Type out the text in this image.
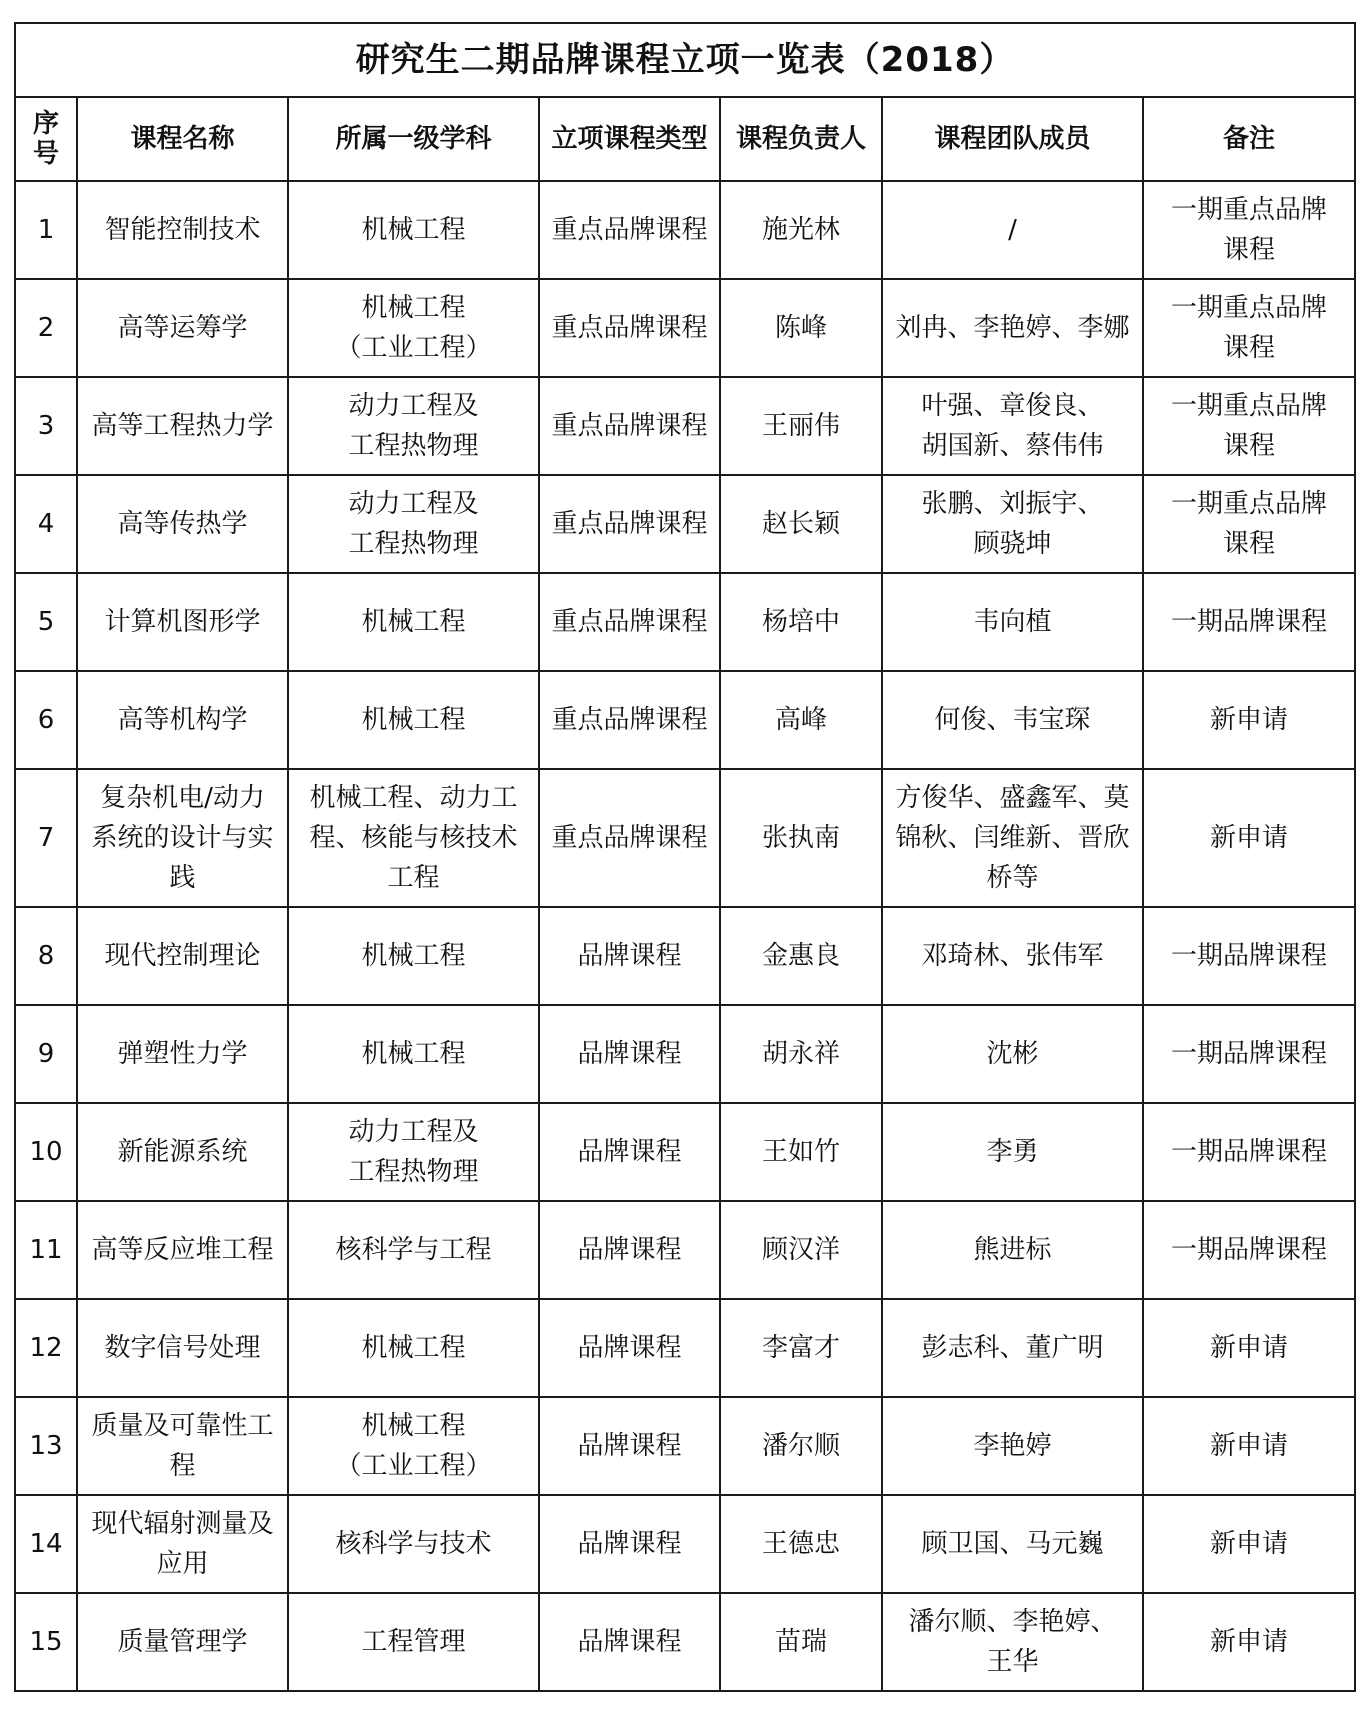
研究生二期品牌课程立项一览表（2018）						
序
号	课程名称	所属一级学科	立项课程类型	课程负责人	课程团队成员	备注
1	智能控制技术	机械工程	重点品牌课程	施光林	/	一期重点品牌
课程
2	高等运筹学	机械工程
（工业工程）	重点品牌课程	陈峰	刘冉、李艳婷、李娜	一期重点品牌
课程
3	高等工程热力学	动力工程及
工程热物理	重点品牌课程	王丽伟	叶强、章俊良、
胡国新、蔡伟伟	一期重点品牌
课程
4	高等传热学	动力工程及
工程热物理	重点品牌课程	赵长颖	张鹏、刘振宇、
顾骁坤	一期重点品牌
课程
5	计算机图形学	机械工程	重点品牌课程	杨培中	韦向植	一期品牌课程
6	高等机构学	机械工程	重点品牌课程	高峰	何俊、韦宝琛	新申请
7	复杂机电/动力
系统的设计与实
践	机械工程、动力工
程、核能与核技术
工程	重点品牌课程	张执南	方俊华、盛鑫军、莫
锦秋、闫维新、晋欣
桥等	新申请
8	现代控制理论	机械工程	品牌课程	金惠良	邓琦林、张伟军	一期品牌课程
9	弹塑性力学	机械工程	品牌课程	胡永祥	沈彬	一期品牌课程
10	新能源系统	动力工程及
工程热物理	品牌课程	王如竹	李勇	一期品牌课程
11	高等反应堆工程	核科学与工程	品牌课程	顾汉洋	熊进标	一期品牌课程
12	数字信号处理	机械工程	品牌课程	李富才	彭志科、董广明	新申请
13	质量及可靠性工
程	机械工程
（工业工程）	品牌课程	潘尔顺	李艳婷	新申请
14	现代辐射测量及
应用	核科学与技术	品牌课程	王德忠	顾卫国、马元巍	新申请
15	质量管理学	工程管理	品牌课程	苗瑞	潘尔顺、李艳婷、
王华	新申请
